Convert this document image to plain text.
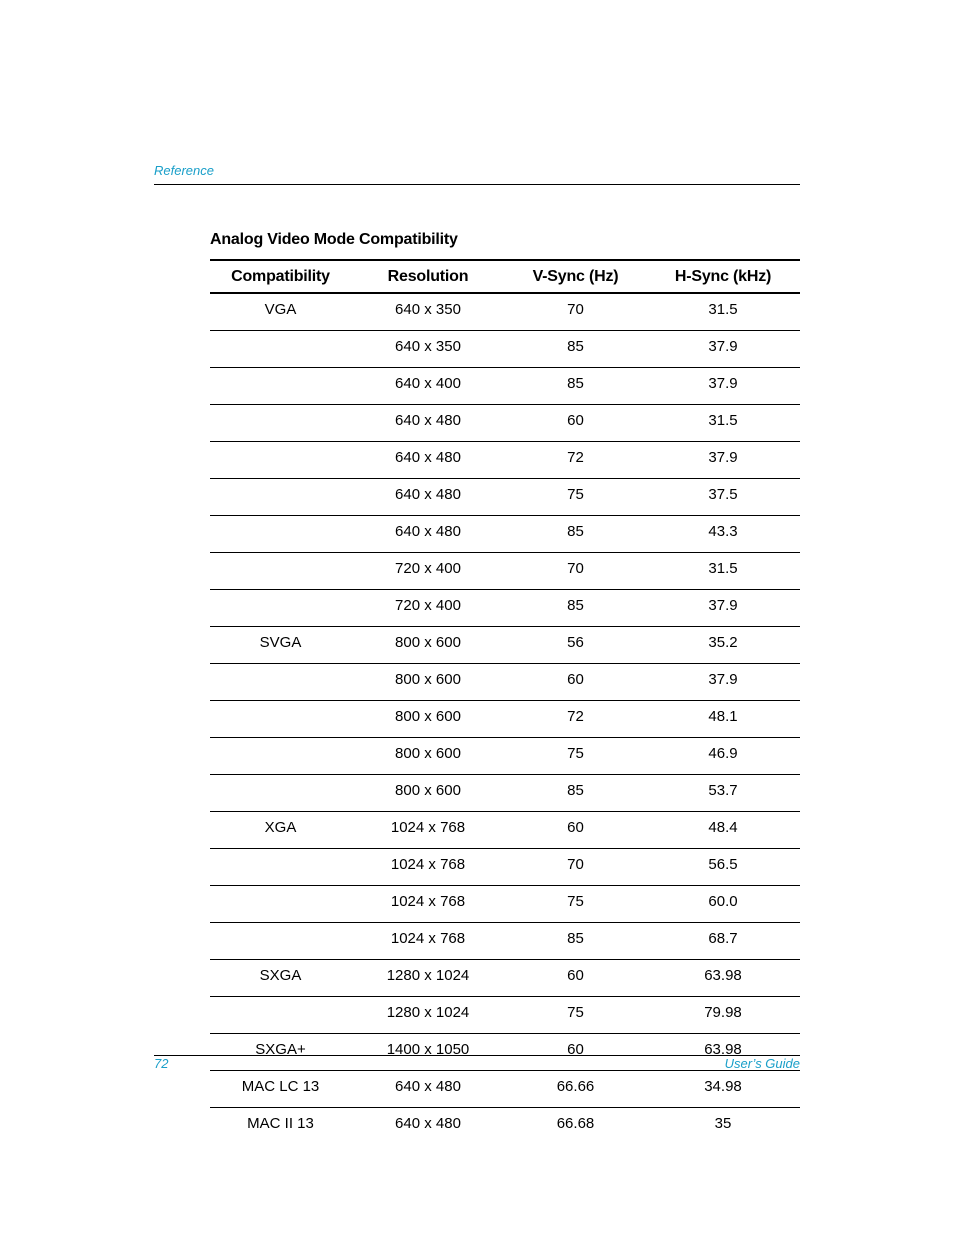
Reference
Analog Video Mode Compatibility
Compatibility	Resolution	V-Sync (Hz)	H-Sync (kHz)
VGA	640 x 350	70	31.5
	640 x 350	85	37.9
	640 x 400	85	37.9
	640 x 480	60	31.5
	640 x 480	72	37.9
	640 x 480	75	37.5
	640 x 480	85	43.3
	720 x 400	70	31.5
	720 x 400	85	37.9
SVGA	800 x 600	56	35.2
	800 x 600	60	37.9
	800 x 600	72	48.1
	800 x 600	75	46.9
	800 x 600	85	53.7
XGA	1024 x 768	60	48.4
	1024 x 768	70	56.5
	1024 x 768	75	60.0
	1024 x 768	85	68.7
SXGA	1280 x 1024	60	63.98
	1280 x 1024	75	79.98
SXGA+	1400 x 1050	60	63.98
MAC LC 13	640 x 480	66.66	34.98
MAC II 13	640 x 480	66.68	35
72	User’s Guide
